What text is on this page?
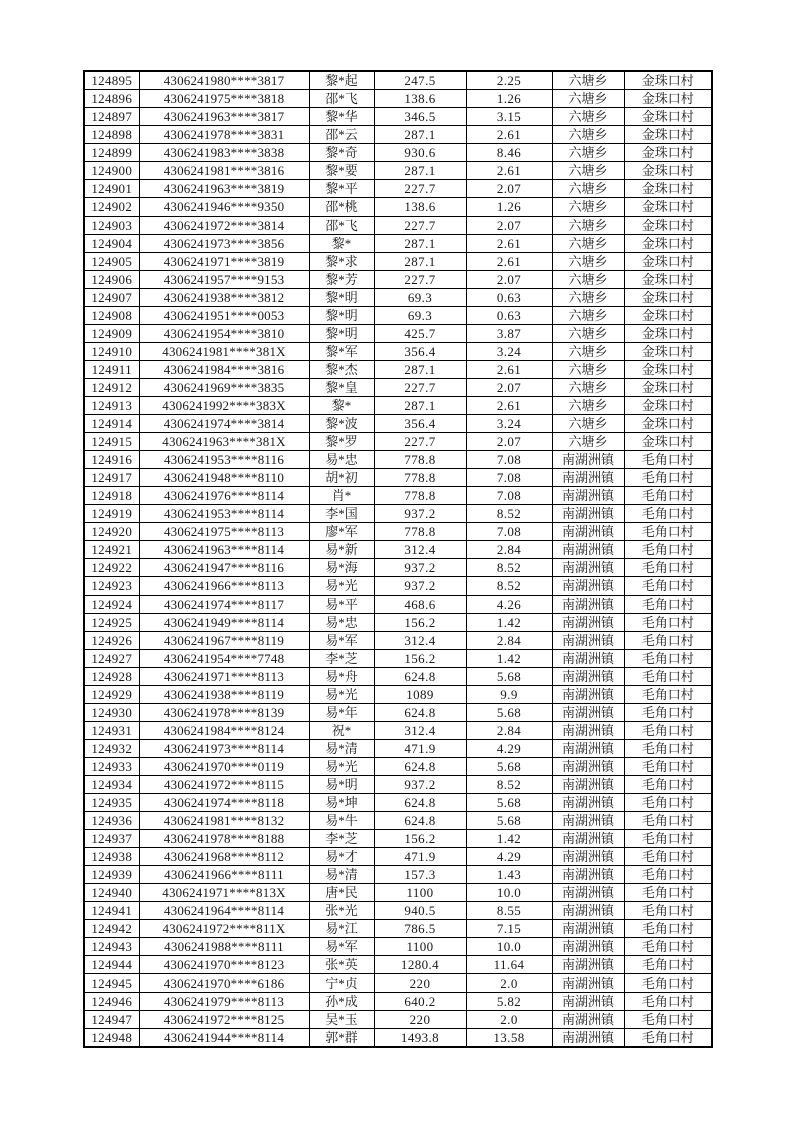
124895	4306241980****3817	黎*起	247.5	2.25	六塘乡	金珠口村
124896	4306241975****3818	邵*飞	138.6	1.26	六塘乡	金珠口村
124897	4306241963****3817	黎*华	346.5	3.15	六塘乡	金珠口村
124898	4306241978****3831	邵*云	287.1	2.61	六塘乡	金珠口村
124899	4306241983****3838	黎*奇	930.6	8.46	六塘乡	金珠口村
124900	4306241981****3816	黎*要	287.1	2.61	六塘乡	金珠口村
124901	4306241963****3819	黎*平	227.7	2.07	六塘乡	金珠口村
124902	4306241946****9350	邵*桃	138.6	1.26	六塘乡	金珠口村
124903	4306241972****3814	邵*飞	227.7	2.07	六塘乡	金珠口村
124904	4306241973****3856	黎*	287.1	2.61	六塘乡	金珠口村
124905	4306241971****3819	黎*求	287.1	2.61	六塘乡	金珠口村
124906	4306241957****9153	黎*芳	227.7	2.07	六塘乡	金珠口村
124907	4306241938****3812	黎*明	69.3	0.63	六塘乡	金珠口村
124908	4306241951****0053	黎*明	69.3	0.63	六塘乡	金珠口村
124909	4306241954****3810	黎*明	425.7	3.87	六塘乡	金珠口村
124910	4306241981****381X	黎*军	356.4	3.24	六塘乡	金珠口村
124911	4306241984****3816	黎*杰	287.1	2.61	六塘乡	金珠口村
124912	4306241969****3835	黎*皇	227.7	2.07	六塘乡	金珠口村
124913	4306241992****383X	黎*	287.1	2.61	六塘乡	金珠口村
124914	4306241974****3814	黎*波	356.4	3.24	六塘乡	金珠口村
124915	4306241963****381X	黎*罗	227.7	2.07	六塘乡	金珠口村
124916	4306241953****8116	易*忠	778.8	7.08	南湖洲镇	毛角口村
124917	4306241948****8110	胡*初	778.8	7.08	南湖洲镇	毛角口村
124918	4306241976****8114	肖*	778.8	7.08	南湖洲镇	毛角口村
124919	4306241953****8114	李*国	937.2	8.52	南湖洲镇	毛角口村
124920	4306241975****8113	廖*军	778.8	7.08	南湖洲镇	毛角口村
124921	4306241963****8114	易*新	312.4	2.84	南湖洲镇	毛角口村
124922	4306241947****8116	易*海	937.2	8.52	南湖洲镇	毛角口村
124923	4306241966****8113	易*光	937.2	8.52	南湖洲镇	毛角口村
124924	4306241974****8117	易*平	468.6	4.26	南湖洲镇	毛角口村
124925	4306241949****8114	易*忠	156.2	1.42	南湖洲镇	毛角口村
124926	4306241967****8119	易*军	312.4	2.84	南湖洲镇	毛角口村
124927	4306241954****7748	李*芝	156.2	1.42	南湖洲镇	毛角口村
124928	4306241971****8113	易*舟	624.8	5.68	南湖洲镇	毛角口村
124929	4306241938****8119	易*光	1089	9.9	南湖洲镇	毛角口村
124930	4306241978****8139	易*年	624.8	5.68	南湖洲镇	毛角口村
124931	4306241984****8124	祝*	312.4	2.84	南湖洲镇	毛角口村
124932	4306241973****8114	易*清	471.9	4.29	南湖洲镇	毛角口村
124933	4306241970****0119	易*光	624.8	5.68	南湖洲镇	毛角口村
124934	4306241972****8115	易*明	937.2	8.52	南湖洲镇	毛角口村
124935	4306241974****8118	易*坤	624.8	5.68	南湖洲镇	毛角口村
124936	4306241981****8132	易*牛	624.8	5.68	南湖洲镇	毛角口村
124937	4306241978****8188	李*芝	156.2	1.42	南湖洲镇	毛角口村
124938	4306241968****8112	易*才	471.9	4.29	南湖洲镇	毛角口村
124939	4306241966****8111	易*清	157.3	1.43	南湖洲镇	毛角口村
124940	4306241971****813X	唐*民	1100	10.0	南湖洲镇	毛角口村
124941	4306241964****8114	张*光	940.5	8.55	南湖洲镇	毛角口村
124942	4306241972****811X	易*江	786.5	7.15	南湖洲镇	毛角口村
124943	4306241988****8111	易*军	1100	10.0	南湖洲镇	毛角口村
124944	4306241970****8123	张*英	1280.4	11.64	南湖洲镇	毛角口村
124945	4306241970****6186	宁*贞	220	2.0	南湖洲镇	毛角口村
124946	4306241979****8113	孙*成	640.2	5.82	南湖洲镇	毛角口村
124947	4306241972****8125	吴*玉	220	2.0	南湖洲镇	毛角口村
124948	4306241944****8114	郭*群	1493.8	13.58	南湖洲镇	毛角口村
